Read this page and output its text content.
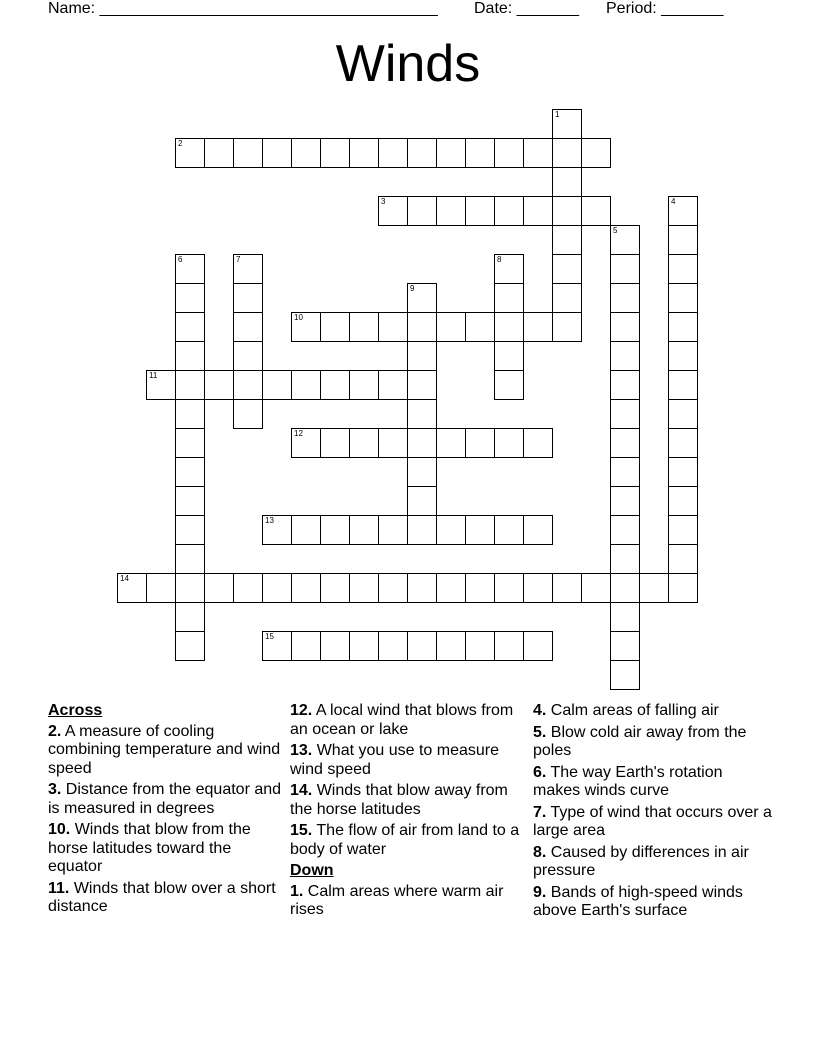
Name: ______________________________________ Date: _______ Period: _______
Winds
1
2
3	4
5
6	7	8
9
10
11
12
13
14
15
Across
2. A measure of cooling combining temperature and wind speed
3. Distance from the equator and is measured in degrees
10. Winds that blow from the horse latitudes toward the equator
11. Winds that blow over a short distance
12. A local wind that blows from an ocean or lake
13. What you use to measure wind speed
14. Winds that blow away from the horse latitudes
15. The flow of air from land to a body of water
Down
1. Calm areas where warm air rises
4. Calm areas of falling air
5. Blow cold air away from the poles
6. The way Earth's rotation makes winds curve
7. Type of wind that occurs over a large area
8. Caused by differences in air pressure
9. Bands of high-speed winds above Earth's surface
